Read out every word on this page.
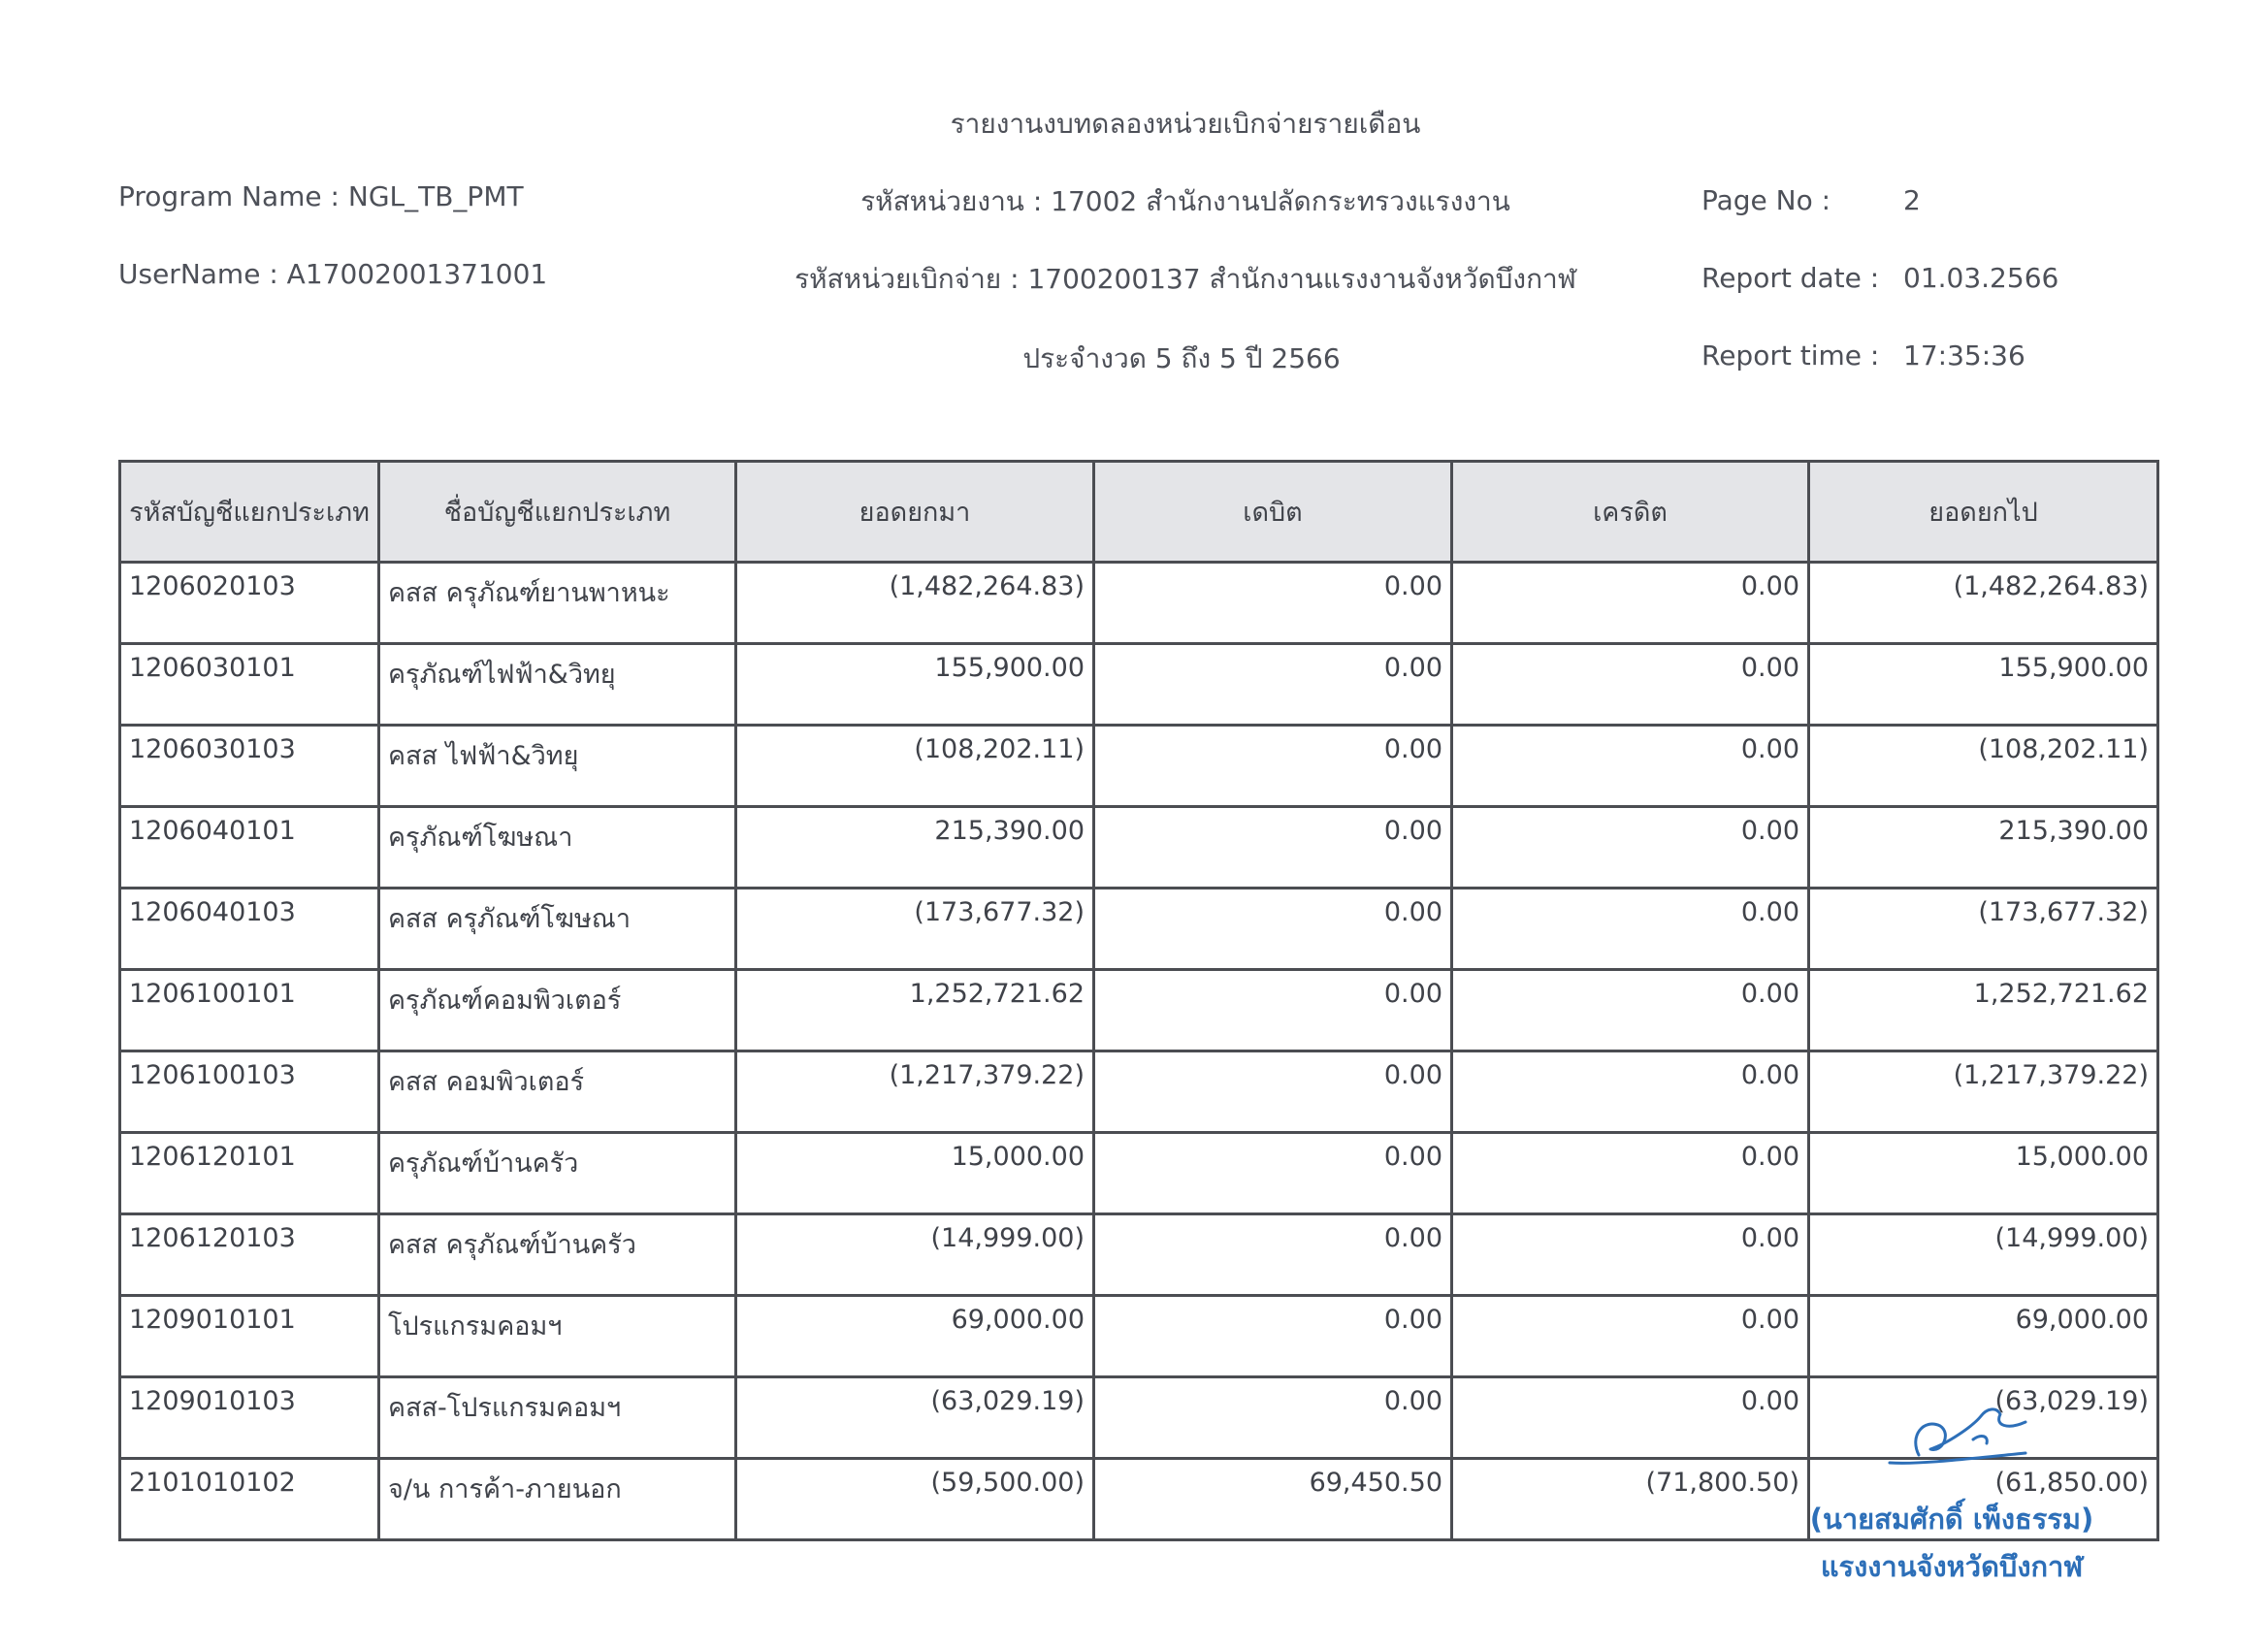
รายงานงบทดลองหน่วยเบิกจ่ายรายเดือน
Program Name : NGL_TB_PMT	รหัสหน่วยงาน : 17002 สำนักงานปลัดกระทรวงแรงงาน	Page No :	2
UserName : A17002001371001	รหัสหน่วยเบิกจ่าย : 1700200137 สำนักงานแรงงานจังหวัดบึงกาฬ	Report date : 01.03.2566
ประจำงวด 5 ถึง 5 ปี 2566	Report time : 17:35:36
รหัสบัญชีแยกประเภท	ชื่อบัญชีแยกประเภท	ยอดยกมา	เดบิต	เครดิต	ยอดยกไป
1206020103	คสส ครุภัณฑ์ยานพาหนะ	(1,482,264.83)	0.00	0.00	(1,482,264.83)
1206030101	ครุภัณฑ์ไฟฟ้า&วิทยุ	155,900.00	0.00	0.00	155,900.00
1206030103	คสส ไฟฟ้า&วิทยุ	(108,202.11)	0.00	0.00	(108,202.11)
1206040101	ครุภัณฑ์โฆษณา	215,390.00	0.00	0.00	215,390.00
1206040103	คสส ครุภัณฑ์โฆษณา	(173,677.32)	0.00	0.00	(173,677.32)
1206100101	ครุภัณฑ์คอมพิวเตอร์	1,252,721.62	0.00	0.00	1,252,721.62
1206100103	คสส คอมพิวเตอร์	(1,217,379.22)	0.00	0.00	(1,217,379.22)
1206120101	ครุภัณฑ์บ้านครัว	15,000.00	0.00	0.00	15,000.00
1206120103	คสส ครุภัณฑ์บ้านครัว	(14,999.00)	0.00	0.00	(14,999.00)
1209010101	โปรแกรมคอมฯ	69,000.00	0.00	0.00	69,000.00
1209010103	คสส-โปรแกรมคอมฯ	(63,029.19)	0.00	0.00	(63,029.19)
2101010102	จ/น การค้า-ภายนอก	(59,500.00)	69,450.50	(71,800.50)	(61,850.00)
(นายสมศักดิ์ เพ็งธรรม)
แรงงานจังหวัดบึงกาฬ
